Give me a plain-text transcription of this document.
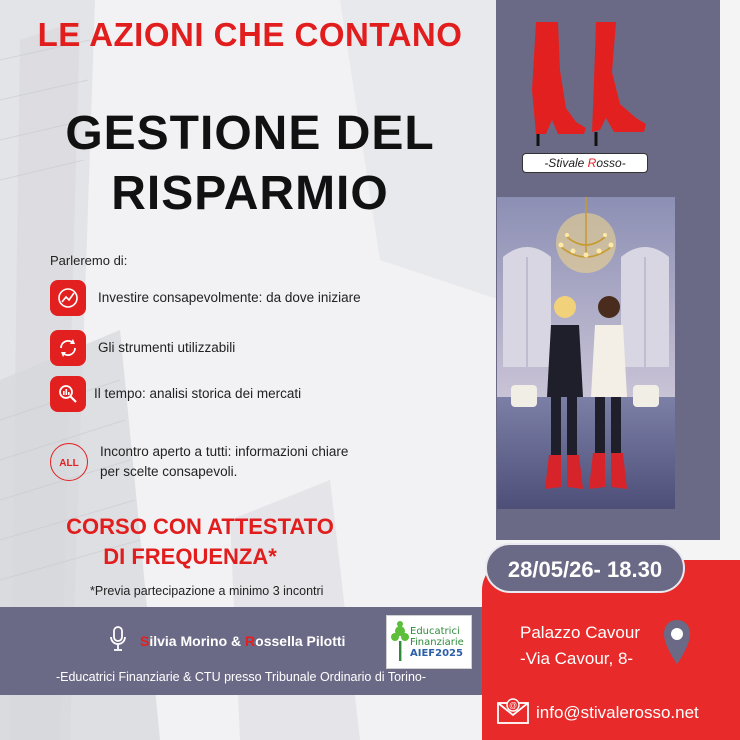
LE AZIONI CHE CONTANO
GESTIONE DEL
RISPARMIO
Parleremo di:
Investire consapevolmente: da dove iniziare
Gli strumenti utilizzabili
Il tempo: analisi storica dei mercati
ALL
Incontro aperto a tutti: informazioni chiare
per scelte consapevoli.
CORSO CON ATTESTATO
DI FREQUENZA*
*Previa partecipazione a minimo 3 incontri
S ilvia Morino & R ossella Pilotti
Educatrici
Finanziarie
AIEF2025
-Educatrici Finanziarie & CTU presso Tribunale Ordinario di Torino-
-Stivale Rosso-
28/05/26- 18.30
Palazzo Cavour
-Via Cavour, 8-
@ info@stivalerosso.net
